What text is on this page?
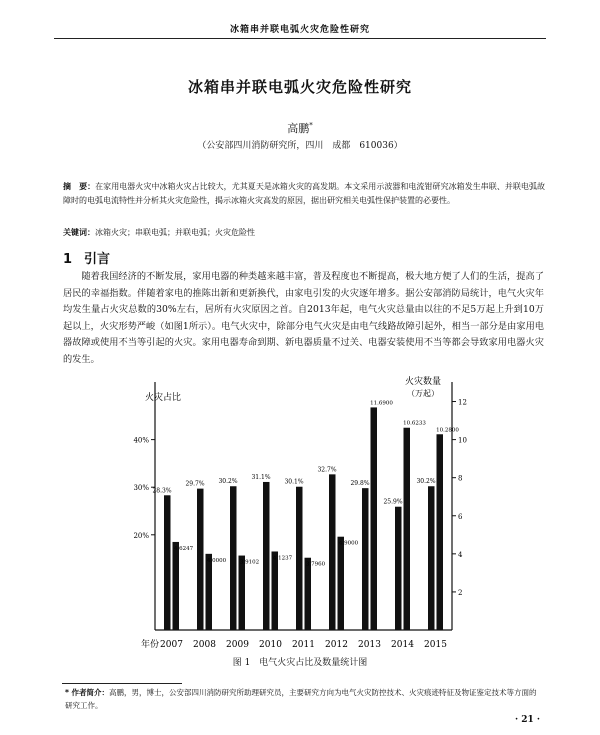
冰箱串并联电弧火灾危险性研究
冰箱串并联电弧火灾危险性研究
高鹏*
（公安部四川消防研究所，四川　成都　610036）
摘　要：在家用电器火灾中冰箱火灾占比较大，尤其夏天是冰箱火灾的高发期。本文采用示波器和电流钳研究冰箱发生串联、并联电弧故障时的电弧电流特性并分析其火灾危险性，揭示冰箱火灾高发的原因，据出研究相关电弧性保护装置的必要性。
关键词：冰箱火灾；串联电弧；并联电弧；火灾危险性
1 引言
随着我国经济的不断发展，家用电器的种类越来越丰富，普及程度也不断提高，极大地方便了人们的生活，提高了居民的幸福指数。伴随着家电的推陈出新和更新换代，由家电引发的火灾逐年增多。据公安部消防局统计，电气火灾年均发生量占火灾总数的30%左右，居所有火灾原因之首。自2013年起，电气火灾总量由以往的不足5万起上升到10万起以上，火灾形势严峻（如图1所示）。电气火灾中，除部分电气火灾是由电气线路故障引起外，相当一部分是由家用电器故障或使用不当等引起的火灾。家用电器寿命到期、新电器质量不过关、电器安装使用不当等都会导致家用电器火灾的发生。
火灾占比
火灾数量
（万起）
年份
20%
30%
40%
2
4
6
8
10
12
28.3%
4.6247
2007
29.7%
4.0000
2008
30.2%
3.9102
2009
31.1%
4.1237
2010
30.1%
3.7960
2011
32.7%
4.9000
2012
29.8%
11.6900
2013
25.9%
10.6233
2014
30.2%
10.2800
2015
图 1　电气火灾占比及数量统计图
* 作者简介：高鹏，男，博士，公安部四川消防研究所助理研究员，主要研究方向为电气火灾防控技术、火灾痕迹特征及物证鉴定技术等方面的研究工作。
· 21 ·
